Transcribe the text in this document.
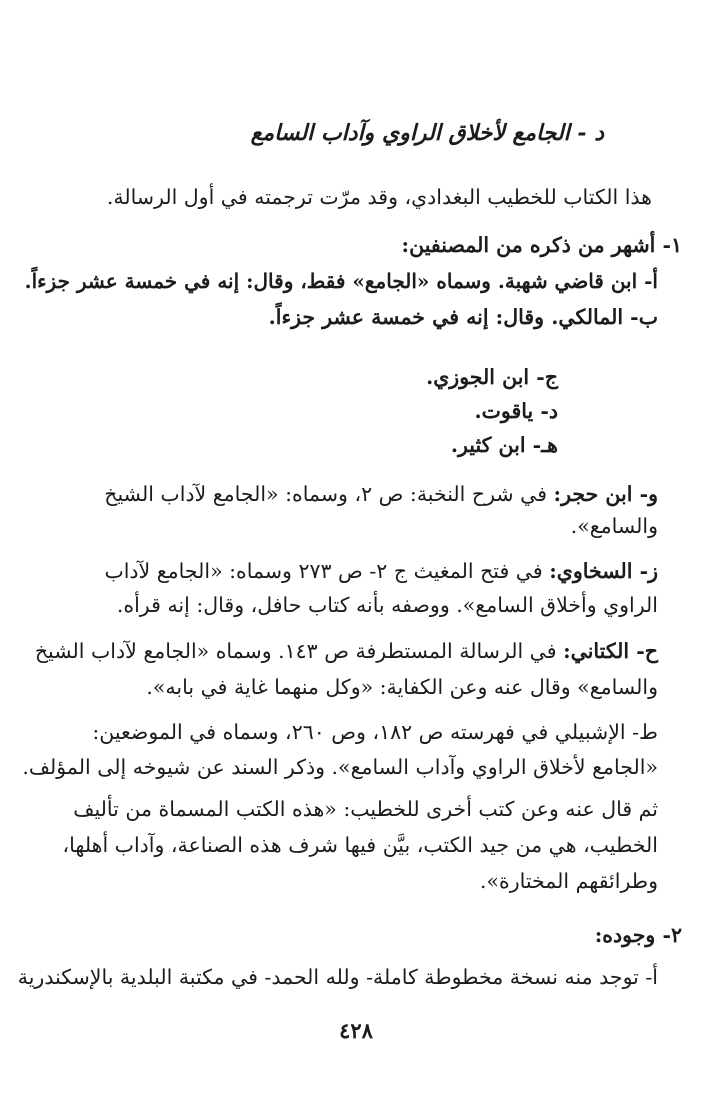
د - الجامع لأخلاق الراوي وآداب السامع
هذا الكتاب للخطيب البغدادي، وقد مرّت ترجمته في أول الرسالة.
١- أشهر من ذكره من المصنفين:
أ- ابن قاضي شهبة. وسماه «الجامع» فقط، وقال: إنه في خمسة عشر جزءاً.
ب- المالكي. وقال: إنه في خمسة عشر جزءاً.
ج- ابن الجوزي.
د- ياقوت.
هـ- ابن كثير.
و- ابن حجر: في شرح النخبة: ص ٢، وسماه: «الجامع لآداب الشيخ
والسامع».
ز- السخاوي: في فتح المغيث ج ٢- ص ٢٧٣ وسماه: «الجامع لآداب
الراوي وأخلاق السامع». ووصفه بأنه كتاب حافل، وقال: إنه قرأه.
ح- الكتاني: في الرسالة المستطرفة ص ١٤٣. وسماه «الجامع لآداب الشيخ
والسامع» وقال عنه وعن الكفاية: «وكل منهما غاية في بابه».
ط- الإشبيلي في فهرسته ص ١٨٢، وص ٢٦٠، وسماه في الموضعين:
«الجامع لأخلاق الراوي وآداب السامع». وذكر السند عن شيوخه إلى المؤلف.
ثم قال عنه وعن كتب أخرى للخطيب: «هذه الكتب المسماة من تأليف
الخطيب، هي من جيد الكتب، بيَّن فيها شرف هذه الصناعة، وآداب أهلها،
وطرائقهم المختارة».
٢- وجوده:
أ- توجد منه نسخة مخطوطة كاملة- ولله الحمد- في مكتبة البلدية بالإسكندرية
٤٢٨
